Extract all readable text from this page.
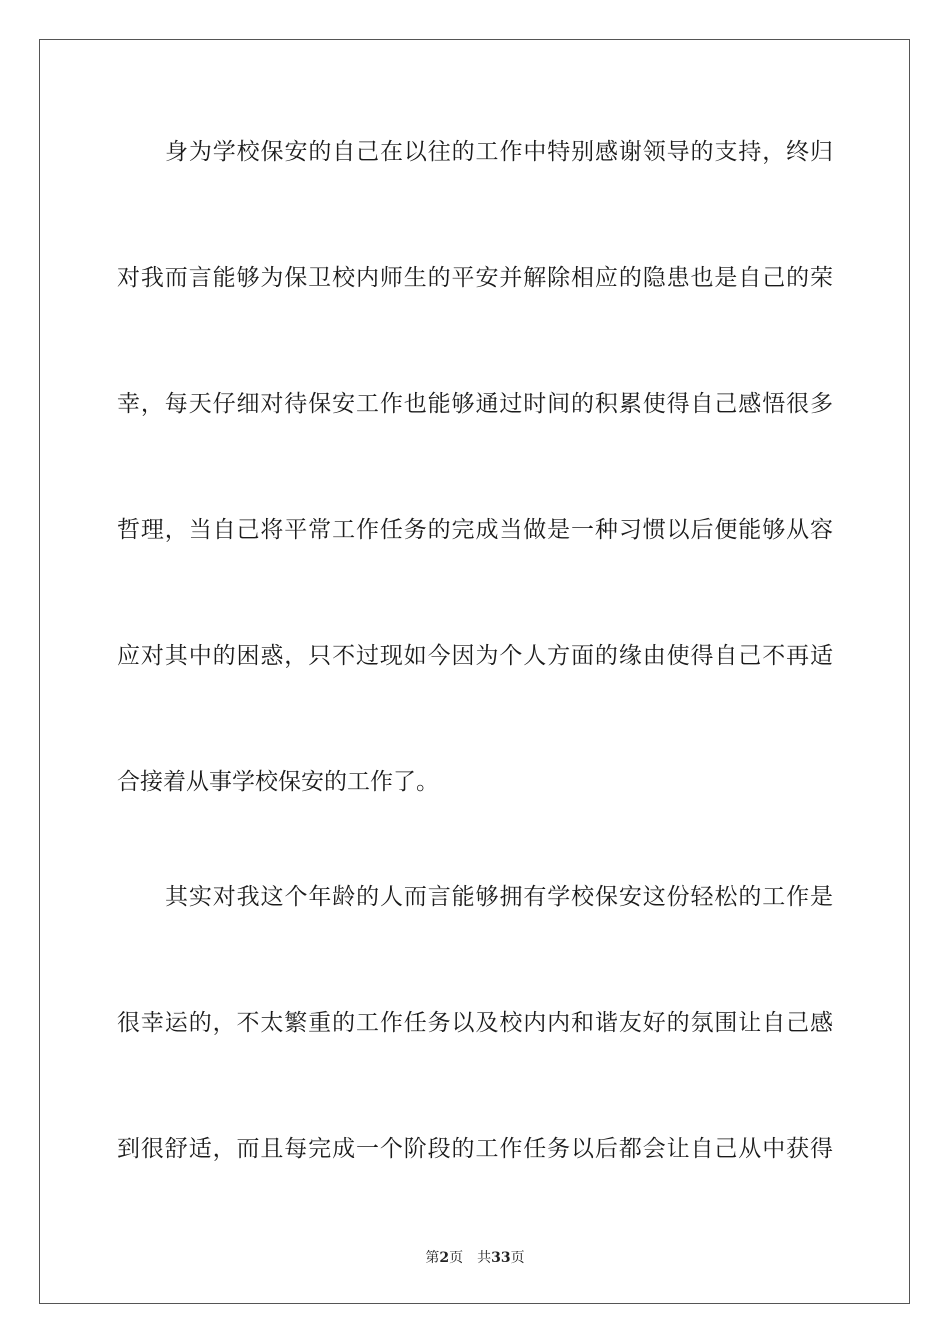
身为学校保安的自己在以往的工作中特别感谢领导的支持，终归
对我而言能够为保卫校内师生的平安并解除相应的隐患也是自己的荣
幸，每天仔细对待保安工作也能够通过时间的积累使得自己感悟很多
哲理，当自己将平常工作任务的完成当做是一种习惯以后便能够从容
应对其中的困惑，只不过现如今因为个人方面的缘由使得自己不再适
合接着从事学校保安的工作了。
其实对我这个年龄的人而言能够拥有学校保安这份轻松的工作是
很幸运的，不太繁重的工作任务以及校内内和谐友好的氛围让自己感
到很舒适，而且每完成一个阶段的工作任务以后都会让自己从中获得
第2页 共33页
